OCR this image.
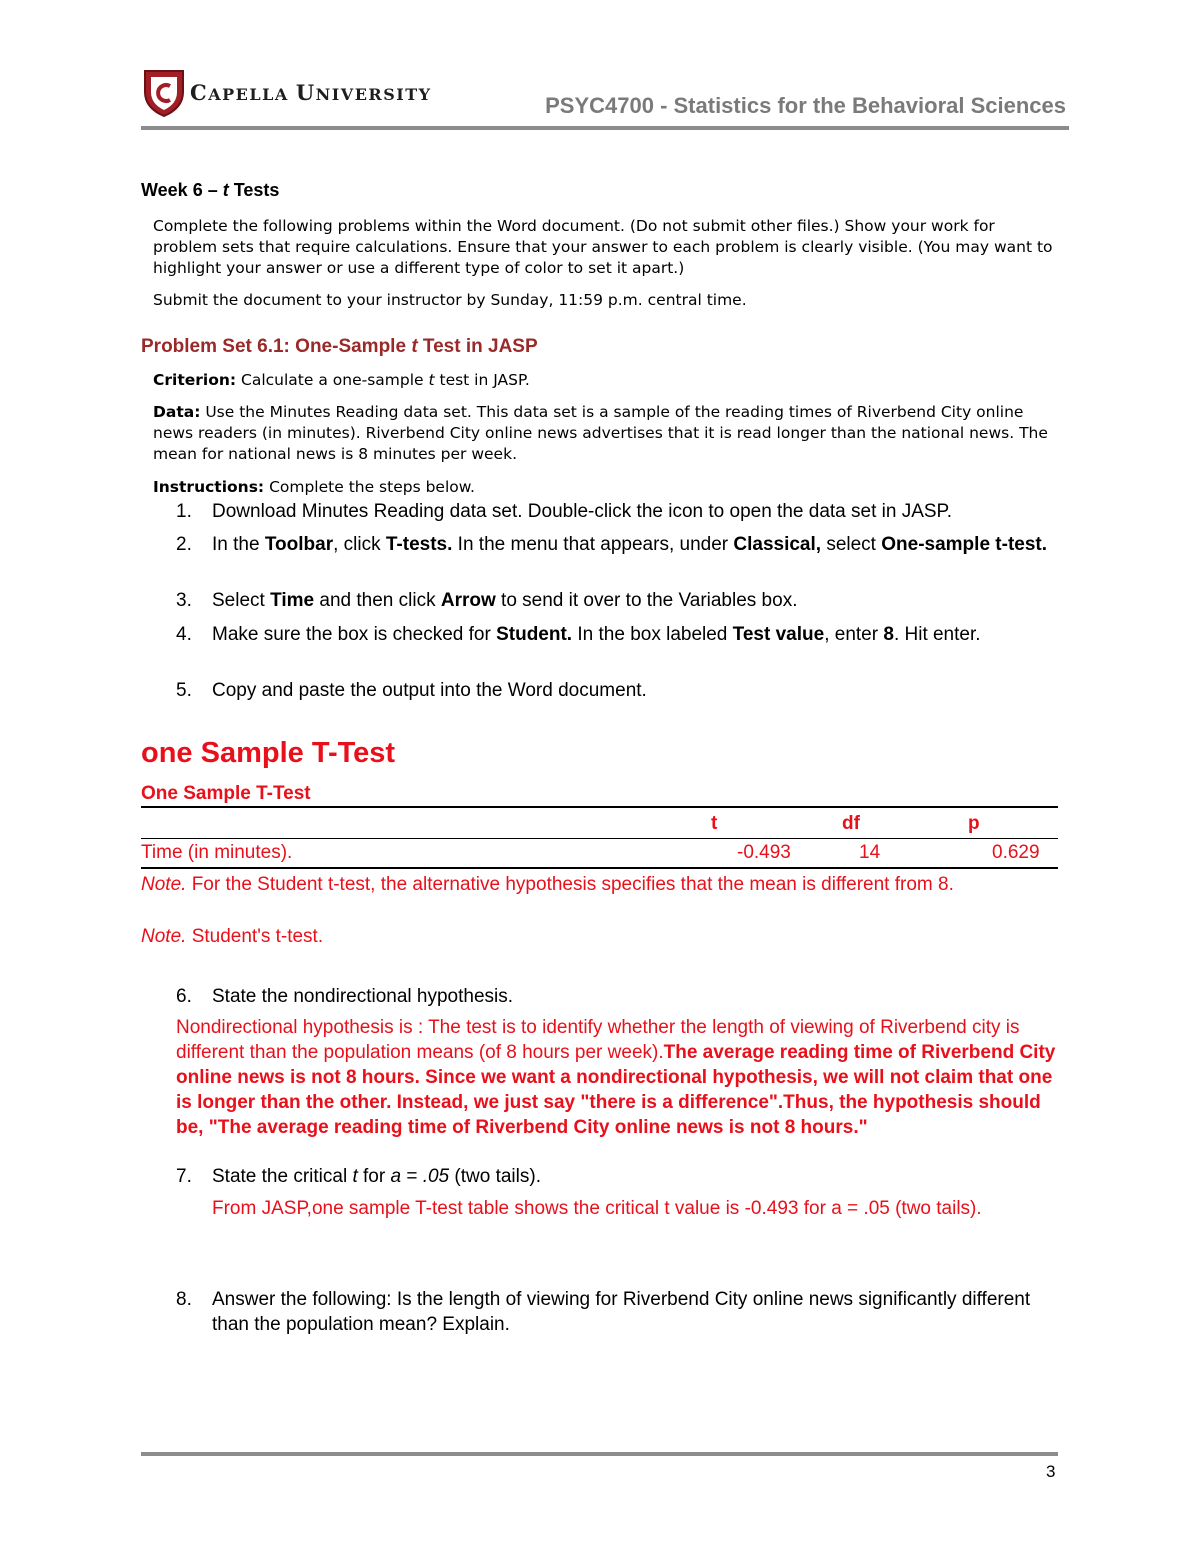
CAPELLA UNIVERSITY	PSYC4700 - Statistics for the Behavioral Sciences
Week 6 – t Tests
Complete the following problems within the Word document. (Do not submit other files.) Show your work for problem sets that require calculations. Ensure that your answer to each problem is clearly visible. (You may want to highlight your answer or use a different type of color to set it apart.)
Submit the document to your instructor by Sunday, 11:59 p.m. central time.
Problem Set 6.1: One-Sample t Test in JASP
Criterion: Calculate a one-sample t test in JASP.
Data: Use the Minutes Reading data set. This data set is a sample of the reading times of Riverbend City online news readers (in minutes). Riverbend City online news advertises that it is read longer than the national news. The mean for national news is 8 minutes per week.
Instructions: Complete the steps below.
1.	Download Minutes Reading data set. Double-click the icon to open the data set in JASP.
2.	In the Toolbar, click T-tests. In the menu that appears, under Classical, select One-sample t-test.
3.	Select Time and then click Arrow to send it over to the Variables box.
4.	Make sure the box is checked for Student. In the box labeled Test value, enter 8. Hit enter.
5.	Copy and paste the output into the Word document.
one Sample T-Test
One Sample T-Test
t	df	p
Time (in minutes).	-0.493	14	0.629
Note. For the Student t-test, the alternative hypothesis specifies that the mean is different from 8.
Note. Student's t-test.
6.	State the nondirectional hypothesis.
Nondirectional hypothesis is : The test is to identify whether the length of viewing of Riverbend city is different than the population means (of 8 hours per week).The average reading time of Riverbend City online news is not 8 hours. Since we want a nondirectional hypothesis, we will not claim that one is longer than the other. Instead, we just say "there is a difference".Thus, the hypothesis should be, "The average reading time of Riverbend City online news is not 8 hours."
7.	State the critical t for a = .05 (two tails).
From JASP,one sample T-test table shows the critical t value is -0.493 for a = .05 (two tails).
8.	Answer the following: Is the length of viewing for Riverbend City online news significantly different than the population mean? Explain.
3
